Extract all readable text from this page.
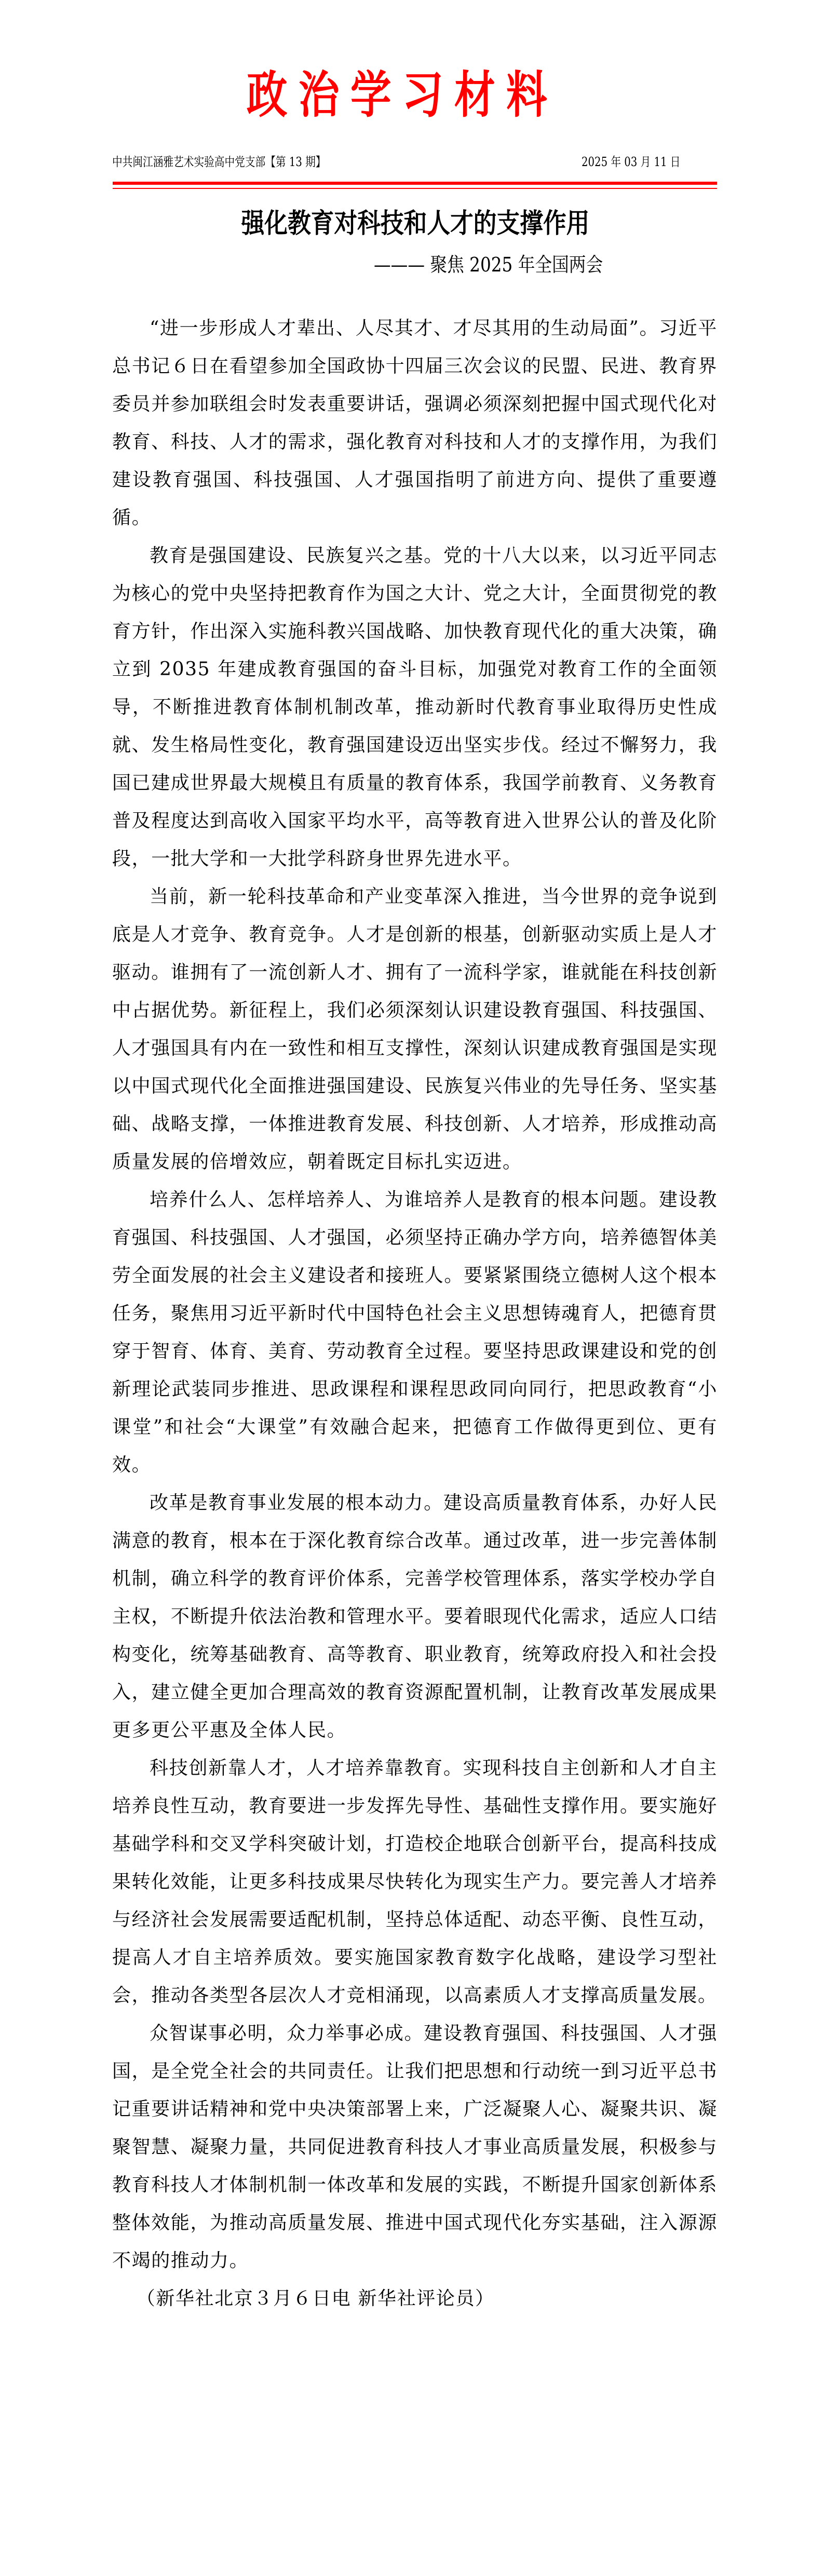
政治学习材料
中共闽江涵雅艺术实验高中党支部【第 13 期】	2025 年 03 月 11 日
强化教育对科技和人才的支撑作用
——— 聚焦 2025 年全国两会

“进一步形成人才辈出、人尽其才、才尽其用的生动局面”。习近平总书记６日在看望参加全国政协十四届三次会议的民盟、民进、教育界委员并参加联组会时发表重要讲话，强调必须深刻把握中国式现代化对教育、科技、人才的需求，强化教育对科技和人才的支撑作用，为我们建设教育强国、科技强国、人才强国指明了前进方向、提供了重要遵循。

教育是强国建设、民族复兴之基。党的十八大以来，以习近平同志为核心的党中央坚持把教育作为国之大计、党之大计，全面贯彻党的教育方针，作出深入实施科教兴国战略、加快教育现代化的重大决策，确立到 2035 年建成教育强国的奋斗目标，加强党对教育工作的全面领导，不断推进教育体制机制改革，推动新时代教育事业取得历史性成就、发生格局性变化，教育强国建设迈出坚实步伐。经过不懈努力，我国已建成世界最大规模且有质量的教育体系，我国学前教育、义务教育普及程度达到高收入国家平均水平，高等教育进入世界公认的普及化阶段，一批大学和一大批学科跻身世界先进水平。

当前，新一轮科技革命和产业变革深入推进，当今世界的竞争说到底是人才竞争、教育竞争。人才是创新的根基，创新驱动实质上是人才驱动。谁拥有了一流创新人才、拥有了一流科学家，谁就能在科技创新中占据优势。新征程上，我们必须深刻认识建设教育强国、科技强国、人才强国具有内在一致性和相互支撑性，深刻认识建成教育强国是实现以中国式现代化全面推进强国建设、民族复兴伟业的先导任务、坚实基础、战略支撑，一体推进教育发展、科技创新、人才培养，形成推动高质量发展的倍增效应，朝着既定目标扎实迈进。

培养什么人、怎样培养人、为谁培养人是教育的根本问题。建设教育强国、科技强国、人才强国，必须坚持正确办学方向，培养德智体美劳全面发展的社会主义建设者和接班人。要紧紧围绕立德树人这个根本任务，聚焦用习近平新时代中国特色社会主义思想铸魂育人，把德育贯穿于智育、体育、美育、劳动教育全过程。要坚持思政课建设和党的创新理论武装同步推进、思政课程和课程思政同向同行，把思政教育“小课堂”和社会“大课堂”有效融合起来，把德育工作做得更到位、更有效。

改革是教育事业发展的根本动力。建设高质量教育体系，办好人民满意的教育，根本在于深化教育综合改革。通过改革，进一步完善体制机制，确立科学的教育评价体系，完善学校管理体系，落实学校办学自主权，不断提升依法治教和管理水平。要着眼现代化需求，适应人口结构变化，统筹基础教育、高等教育、职业教育，统筹政府投入和社会投入，建立健全更加合理高效的教育资源配置机制，让教育改革发展成果更多更公平惠及全体人民。

科技创新靠人才，人才培养靠教育。实现科技自主创新和人才自主培养良性互动，教育要进一步发挥先导性、基础性支撑作用。要实施好基础学科和交叉学科突破计划，打造校企地联合创新平台，提高科技成果转化效能，让更多科技成果尽快转化为现实生产力。要完善人才培养与经济社会发展需要适配机制，坚持总体适配、动态平衡、良性互动，提高人才自主培养质效。要实施国家教育数字化战略，建设学习型社会，推动各类型各层次人才竞相涌现，以高素质人才支撑高质量发展。

众智谋事必明，众力举事必成。建设教育强国、科技强国、人才强国，是全党全社会的共同责任。让我们把思想和行动统一到习近平总书记重要讲话精神和党中央决策部署上来，广泛凝聚人心、凝聚共识、凝聚智慧、凝聚力量，共同促进教育科技人才事业高质量发展，积极参与教育科技人才体制机制一体改革和发展的实践，不断提升国家创新体系整体效能，为推动高质量发展、推进中国式现代化夯实基础，注入源源不竭的推动力。

（新华社北京３月６日电 新华社评论员）
